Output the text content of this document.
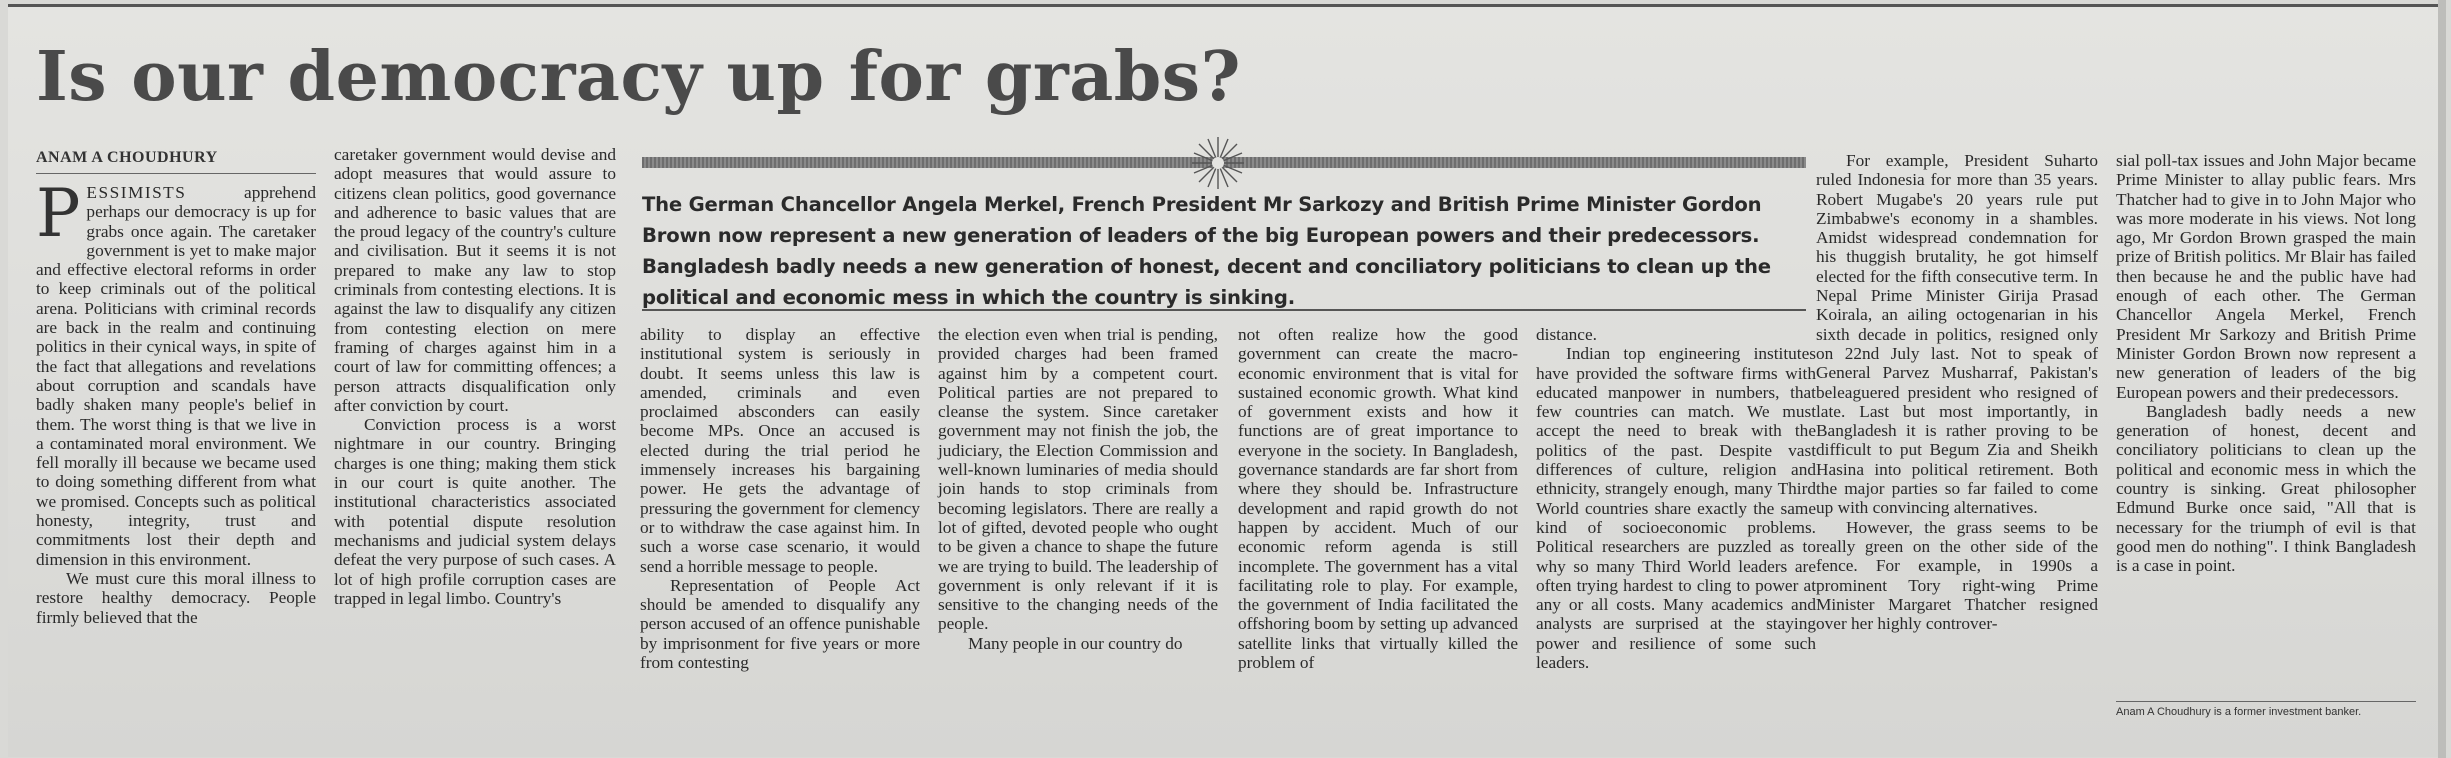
Is our democracy up for grabs?
ANAM A CHOUDHURY

PESSIMISTS	apprehend perhaps our democracy is up for grabs once again. The caretaker government is yet to make major and effective electoral reforms in order to keep criminals out of the political arena. Politicians with criminal records are back in the realm and continuing politics in their cynical ways, in spite of the fact that allegations and revelations about corruption and scandals have badly shaken many people's belief in them. The worst thing is that we live in a contaminated moral environment. We fell morally ill because we became used to doing something different from what we promised. Concepts such as political honesty, integrity, trust and commitments lost their depth and dimension in this environment.

We must cure this moral illness to restore healthy democracy. People firmly believed that the

caretaker government would devise and adopt measures that would assure to citizens clean politics, good governance and adherence to basic values that are the proud legacy of the country's culture and civilisation. But it seems it is not prepared to make any law to stop criminals from contesting elections. It is against the law to disqualify any citizen from contesting election on mere framing of charges against him in a court of law for committing offences; a person attracts disqualification only after conviction by court.

Conviction process is a worst nightmare in our country. Bringing charges is one thing; making them stick in our court is quite another. The institutional characteristics associated with potential dispute resolution mechanisms and judicial system delays defeat the very purpose of such cases. A lot of high profile corruption cases are trapped in legal limbo. Country's

The German Chancellor Angela Merkel, French President Mr Sarkozy and British Prime Minister Gordon Brown now represent a new generation of leaders of the big European powers and their predecessors. Bangladesh badly needs a new generation of honest, decent and conciliatory politicians to clean up the political and economic mess in which the country is sinking.

ability to display an effective institutional system is seriously in doubt. It seems unless this law is amended, criminals and even proclaimed absconders can easily become MPs. Once an accused is elected during the trial period he immensely increases his bargaining power. He gets the advantage of pressuring the government for clemency or to withdraw the case against him. In such a worse case scenario, it would send a horrible message to people.

Representation of People Act should be amended to disqualify any person accused of an offence punishable by imprisonment for five years or more from contesting

the election even when trial is pending, provided charges had been framed against him by a competent court. Political parties are not prepared to cleanse the system. Since caretaker government may not finish the job, the judiciary, the Election Commission and well-known luminaries of media should join hands to stop criminals from becoming legislators. There are really a lot of gifted, devoted people who ought to be given a chance to shape the future we are trying to build. The leadership of government is only relevant if it is sensitive to the changing needs of the people.

Many people in our country do

not often realize how the good government can create the macro-economic environment that is vital for sustained economic growth. What kind of government exists and how it functions are of great importance to everyone in the society. In Bangladesh, governance standards are far short from where they should be. Infrastructure development and rapid growth do not happen by accident. Much of our economic reform agenda is still incomplete. The government has a vital facilitating role to play. For example, the government of India facilitated the offshoring boom by setting up advanced satellite links that virtually killed the problem of

distance.

Indian top engineering institutes have provided the software firms with educated manpower in numbers, that few countries can match. We must accept the need to break with the politics of the past. Despite vast differences of culture, religion and ethnicity, strangely enough, many Third World countries share exactly the same kind of socioeconomic problems. Political researchers are puzzled as to why so many Third World leaders are often trying hardest to cling to power at any or all costs. Many academics and analysts are surprised at the staying power and resilience of some such leaders.

For example, President Suharto ruled Indonesia for more than 35 years. Robert Mugabe's 20 years rule put Zimbabwe's economy in a shambles. Amidst widespread condemnation for his thuggish brutality, he got himself elected for the fifth consecutive term. In Nepal Prime Minister Girija Prasad Koirala, an ailing octogenarian in his sixth decade in politics, resigned only on 22nd July last. Not to speak of General Parvez Musharraf, Pakistan's beleaguered president who resigned of late. Last but most importantly, in Bangladesh it is rather proving to be difficult to put Begum Zia and Sheikh Hasina into political retirement. Both the major parties so far failed to come up with convincing alternatives.

However, the grass seems to be really green on the other side of the fence. For example, in 1990s a prominent Tory right-wing Prime Minister Margaret Thatcher resigned over her highly controver-

sial poll-tax issues and John Major became Prime Minister to allay public fears. Mrs Thatcher had to give in to John Major who was more moderate in his views. Not long ago, Mr Gordon Brown grasped the main prize of British politics. Mr Blair has failed then because he and the public have had enough of each other. The German Chancellor Angela Merkel, French President Mr Sarkozy and British Prime Minister Gordon Brown now represent a new generation of leaders of the big European powers and their predecessors.

Bangladesh badly needs a new generation of honest, decent and conciliatory politicians to clean up the political and economic mess in which the country is sinking. Great philosopher Edmund Burke once said, "All that is necessary for the triumph of evil is that good men do nothing". I think Bangladesh is a case in point.

Anam A Choudhury is a former investment banker.
